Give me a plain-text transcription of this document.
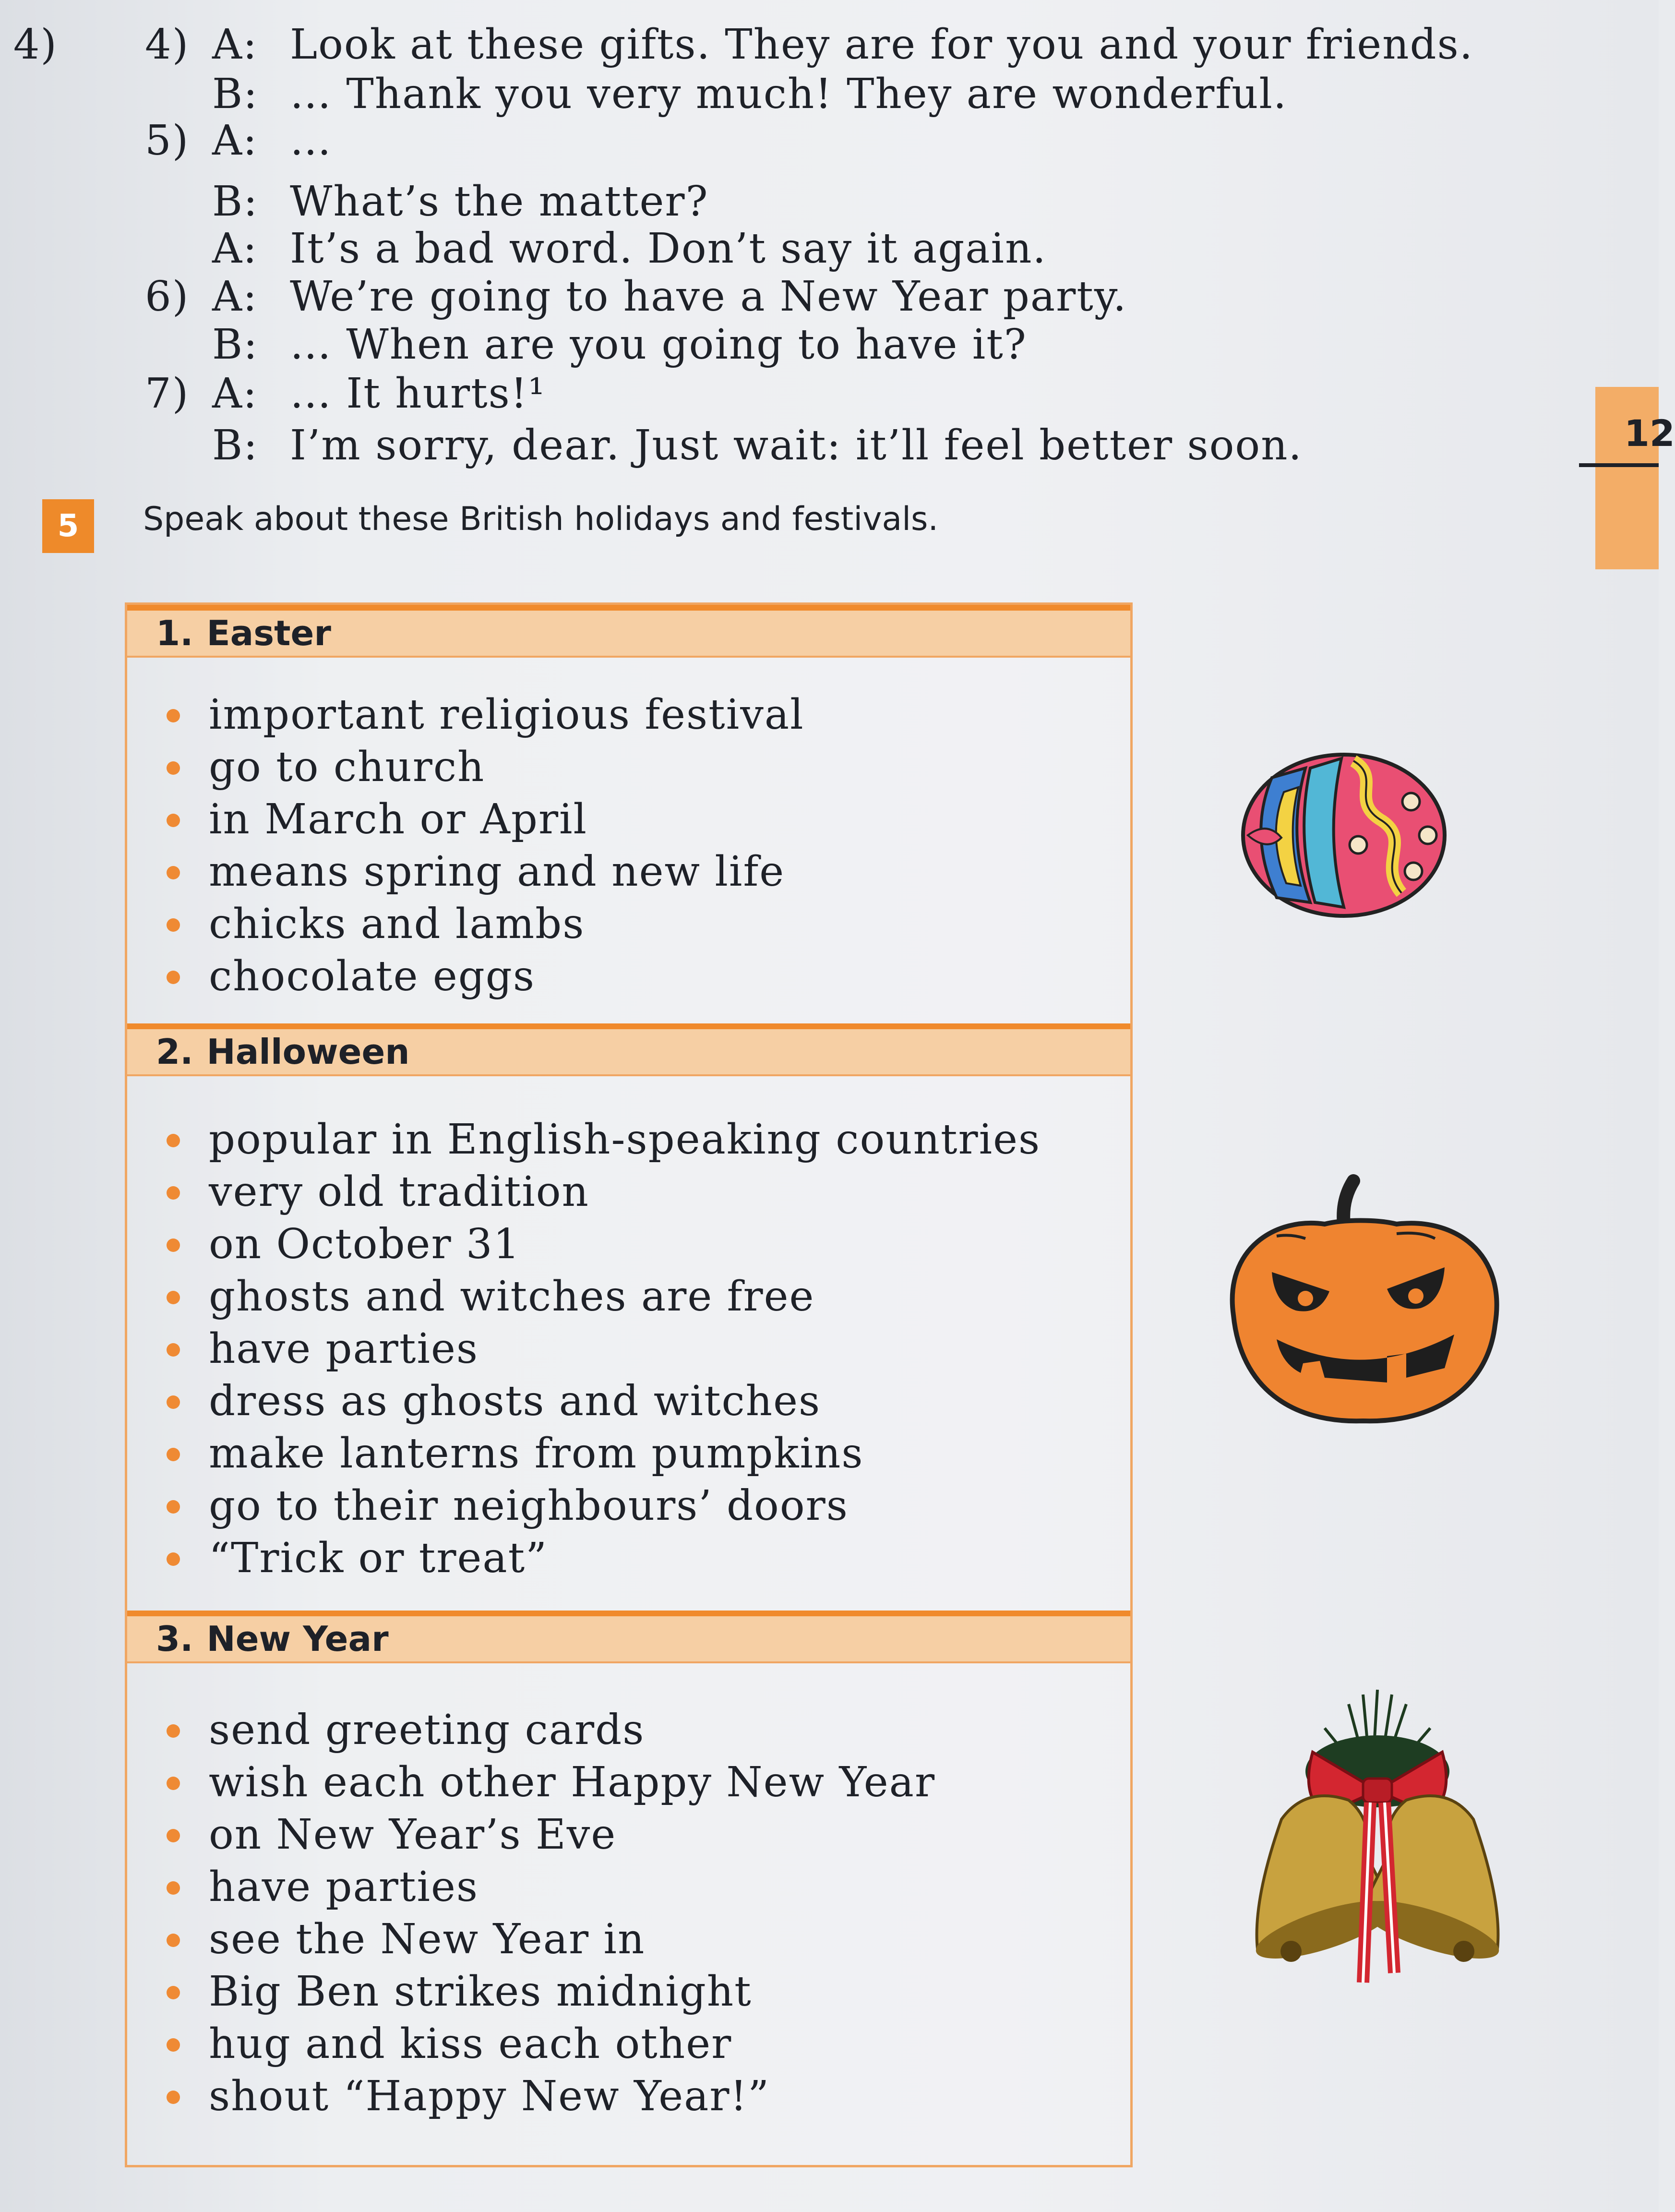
4) 4) A: Look at these gifts. They are for you and your friends.
B: … Thank you very much! They are wonderful.
5) A: …
B: What’s the matter?
A: It’s a bad word. Don’t say it again.
6) A: We’re going to have a New Year party.
B: … When are you going to have it?
7) A: … It hurts!¹
B: I’m sorry, dear. Just wait: it’ll feel better soon.	12
5	Speak about these British holidays and festivals.
1. Easter
important religious festival
go to church
in March or April
means spring and new life
chicks and lambs
chocolate eggs
2. Halloween
popular in English-speaking countries
very old tradition
on October 31
ghosts and witches are free
have parties
dress as ghosts and witches
make lanterns from pumpkins
go to their neighbours’ doors
“Trick or treat”
3. New Year
send greeting cards
wish each other Happy New Year
on New Year’s Eve
have parties
see the New Year in
Big Ben strikes midnight
hug and kiss each other
shout “Happy New Year!”
